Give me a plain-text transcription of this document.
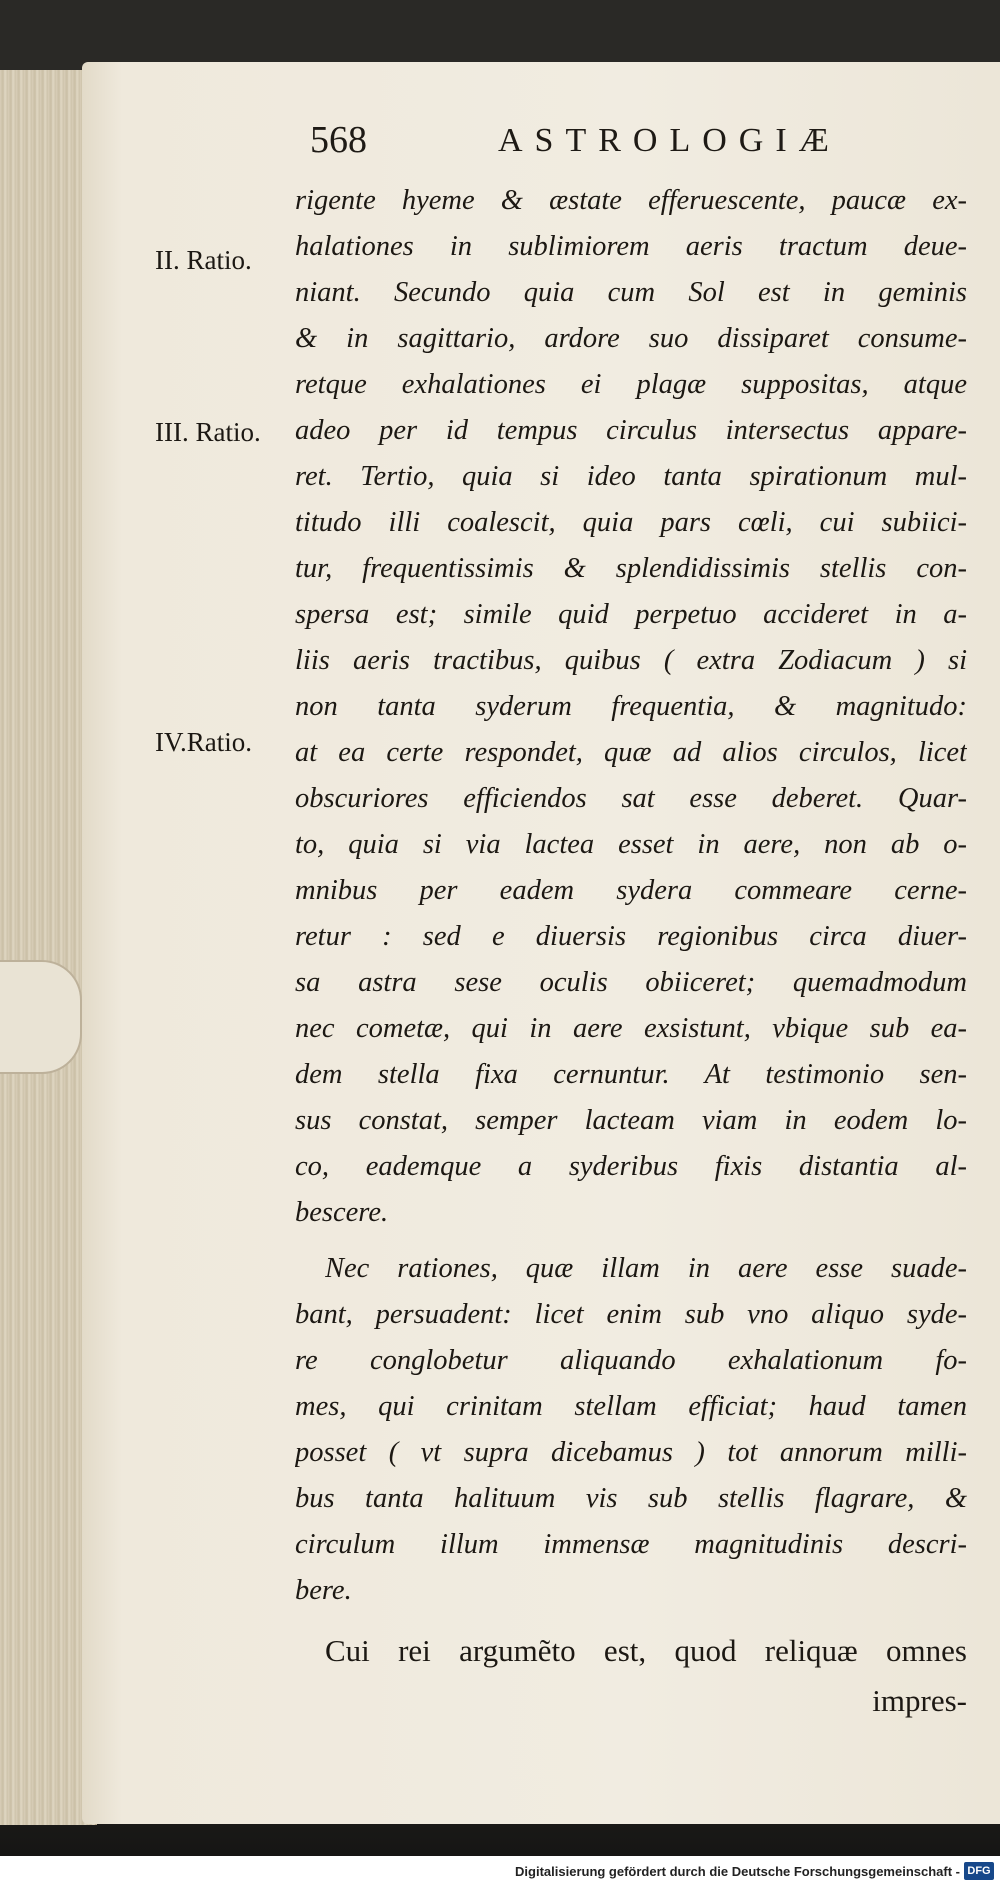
568	ASTROLOGIÆ
II. Ratio.
III. Ratio.
IV.Ratio.
rigente hyeme & æstate efferuescente, paucæ ex-
halationes in sublimiorem aeris tractum deue-
niant. Secundo quia cum Sol est in geminis
& in sagittario, ardore suo dissiparet consume-
retque exhalationes ei plagæ suppositas, atque
adeo per id tempus circulus intersectus appare-
ret. Tertio, quia si ideo tanta spirationum mul-
titudo illi coalescit, quia pars cœli, cui subiici-
tur, frequentissimis & splendidissimis stellis con-
spersa est; simile quid perpetuo accideret in a-
liis aeris tractibus, quibus ( extra Zodiacum ) si
non tanta syderum frequentia, & magnitudo:
at ea certe respondet, quæ ad alios circulos, licet
obscuriores efficiendos sat esse deberet. Quar-
to, quia si via lactea esset in aere, non ab o-
mnibus per eadem sydera commeare cerne-
retur : sed e diuersis regionibus circa diuer-
sa astra sese oculis obiiceret; quemadmodum
nec cometæ, qui in aere exsistunt, vbique sub ea-
dem stella fixa cernuntur. At testimonio sen-
sus constat, semper lacteam viam in eodem lo-
co, eademque a syderibus fixis distantia al-
bescere.
Nec rationes, quæ illam in aere esse suade-
bant, persuadent: licet enim sub vno aliquo syde-
re conglobetur aliquando exhalationum fo-
mes, qui crinitam stellam efficiat; haud tamen
posset ( vt supra dicebamus ) tot annorum milli-
bus tanta halituum vis sub stellis flagrare, &
circulum illum immensæ magnitudinis descri-
bere.
Cui rei argumẽto est, quod reliquæ omnes
impres-
Digitalisierung gefördert durch die Deutsche Forschungsgemeinschaft - DFG
